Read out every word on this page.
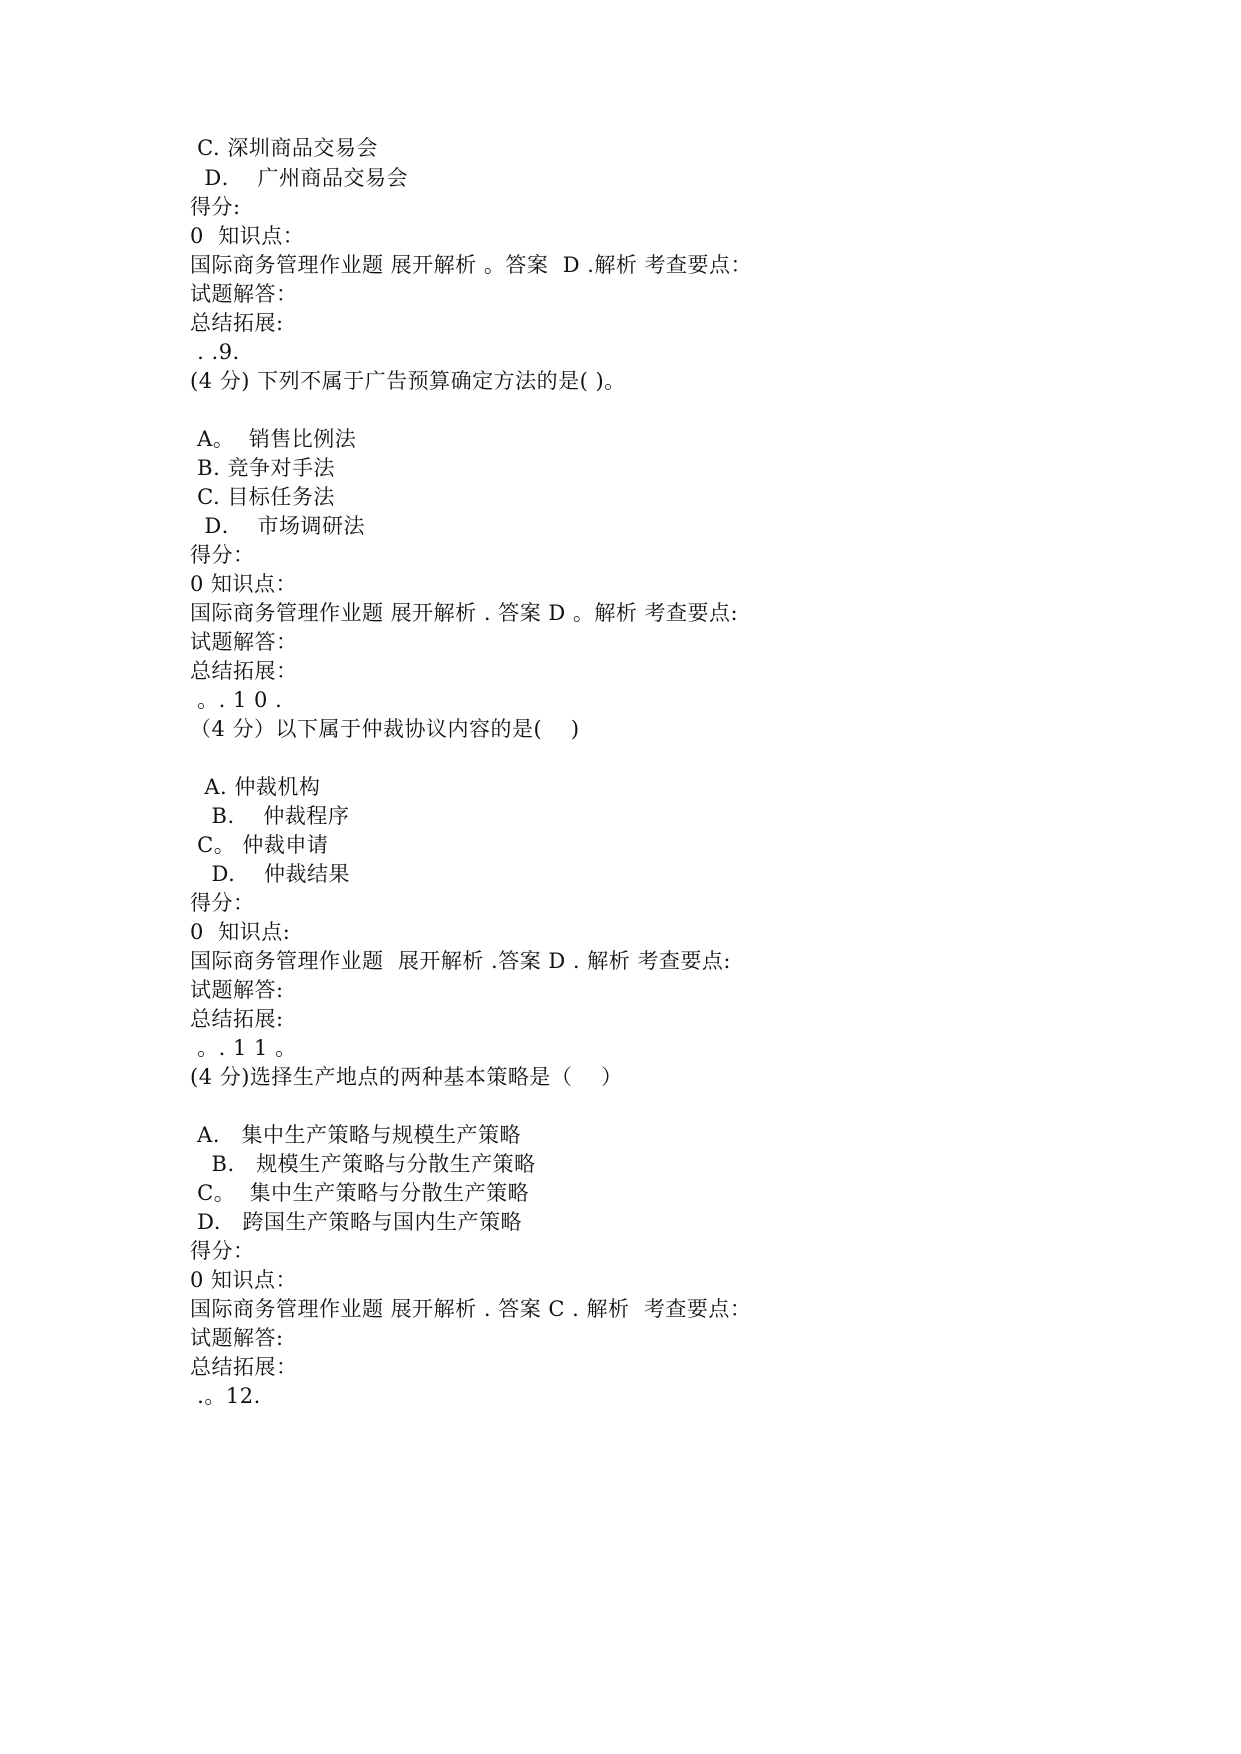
C. 深圳商品交易会
D．  广州商品交易会
得分:
0  知识点：
国际商务管理作业题 展开解析 。答案  D .解析 考查要点：
试题解答：
总结拓展:
. .9.
(4 分) 下列不属于广告预算确定方法的是( )。
A。  销售比例法
B. 竞争对手法
C. 目标任务法
D．  市场调研法
得分：
0 知识点：
国际商务管理作业题 展开解析 . 答案 D 。解析 考查要点:
试题解答：
总结拓展：
。. 1 0 .
（4 分）以下属于仲裁协议内容的是(    )
A. 仲裁机构
B.    仲裁程序
C。 仲裁申请
D.    仲裁结果
得分：
0  知识点:
国际商务管理作业题  展开解析 .答案 D . 解析 考查要点:
试题解答:
总结拓展:
。. 1 1 。
(4 分)选择生产地点的两种基本策略是（    ）
A.   集中生产策略与规模生产策略
B.   规模生产策略与分散生产策略
C。  集中生产策略与分散生产策略
D.   跨国生产策略与国内生产策略
得分：
0 知识点：
国际商务管理作业题 展开解析 . 答案 C . 解析  考查要点：
试题解答:
总结拓展：
.。12.
